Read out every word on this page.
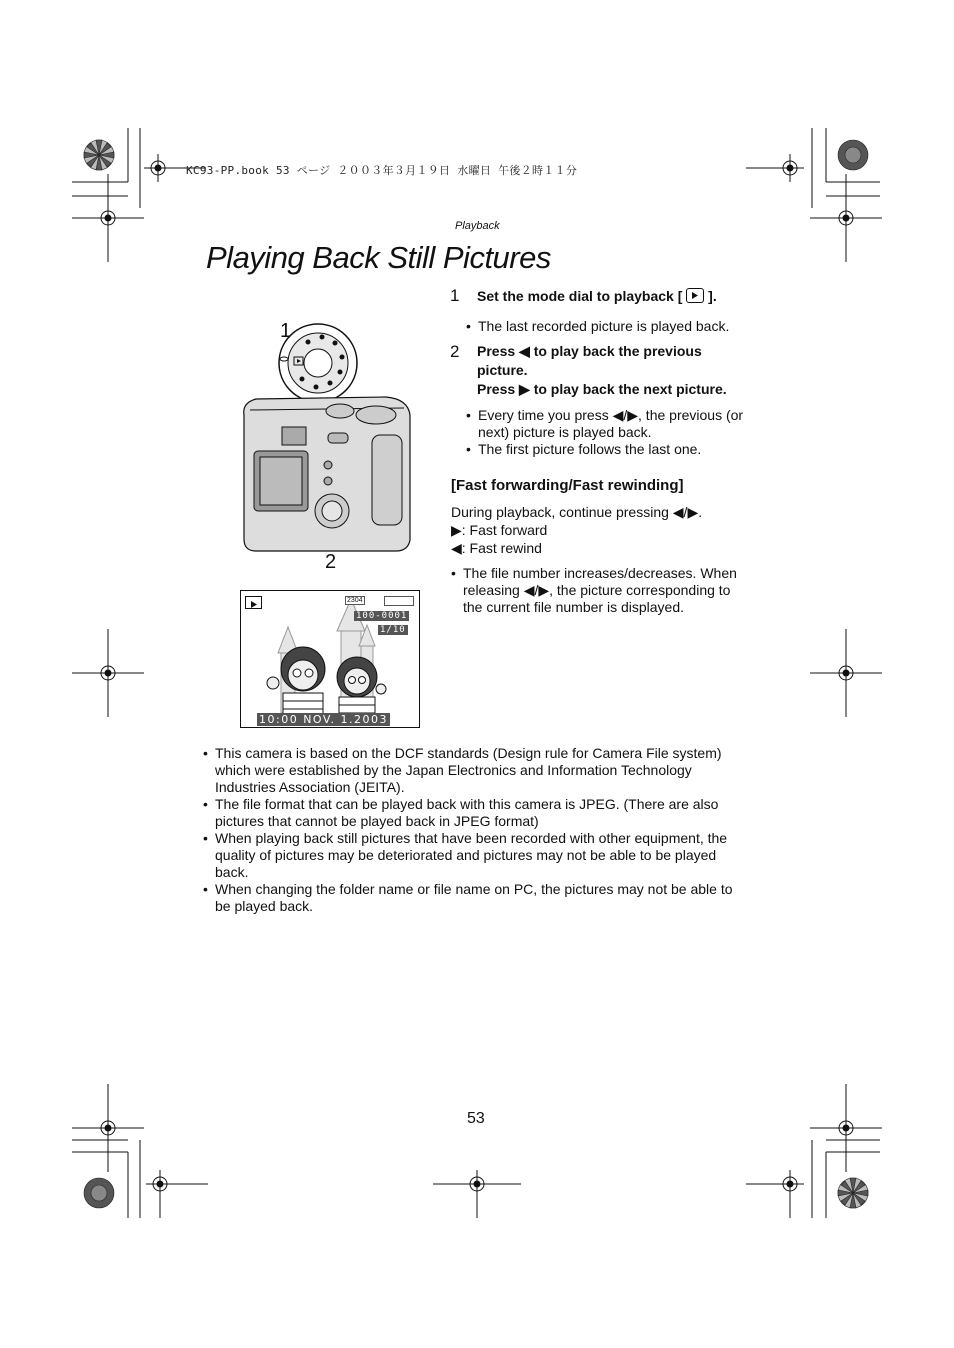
KC93-PP.book 53 ページ ２００３年３月１９日 水曜日 午後２時１１分
Playback
Playing Back Still Pictures
1	Set the mode dial to playback [ ].
• The last recorded picture is played back.
2	Press ◀ to play back the previous
picture.
Press ▶ to play back the next picture.
• Every time you press ◀/▶, the previous (or next) picture is played back.
• The first picture follows the last one.
[Fast forwarding/Fast rewinding]
During playback, continue pressing ◀/▶.
▶: Fast forward
◀: Fast rewind
• The file number increases/decreases. When releasing ◀/▶, the picture corresponding to the current file number is displayed.
1
2
2304
100-0001
1/10
10:00 NOV. 1.2003
• This camera is based on the DCF standards (Design rule for Camera File system) which were established by the Japan Electronics and Information Technology Industries Association (JEITA).
• The file format that can be played back with this camera is JPEG. (There are also pictures that cannot be played back in JPEG format)
• When playing back still pictures that have been recorded with other equipment, the quality of pictures may be deteriorated and pictures may not be able to be played back.
• When changing the folder name or file name on PC, the pictures may not be able to be played back.
53
